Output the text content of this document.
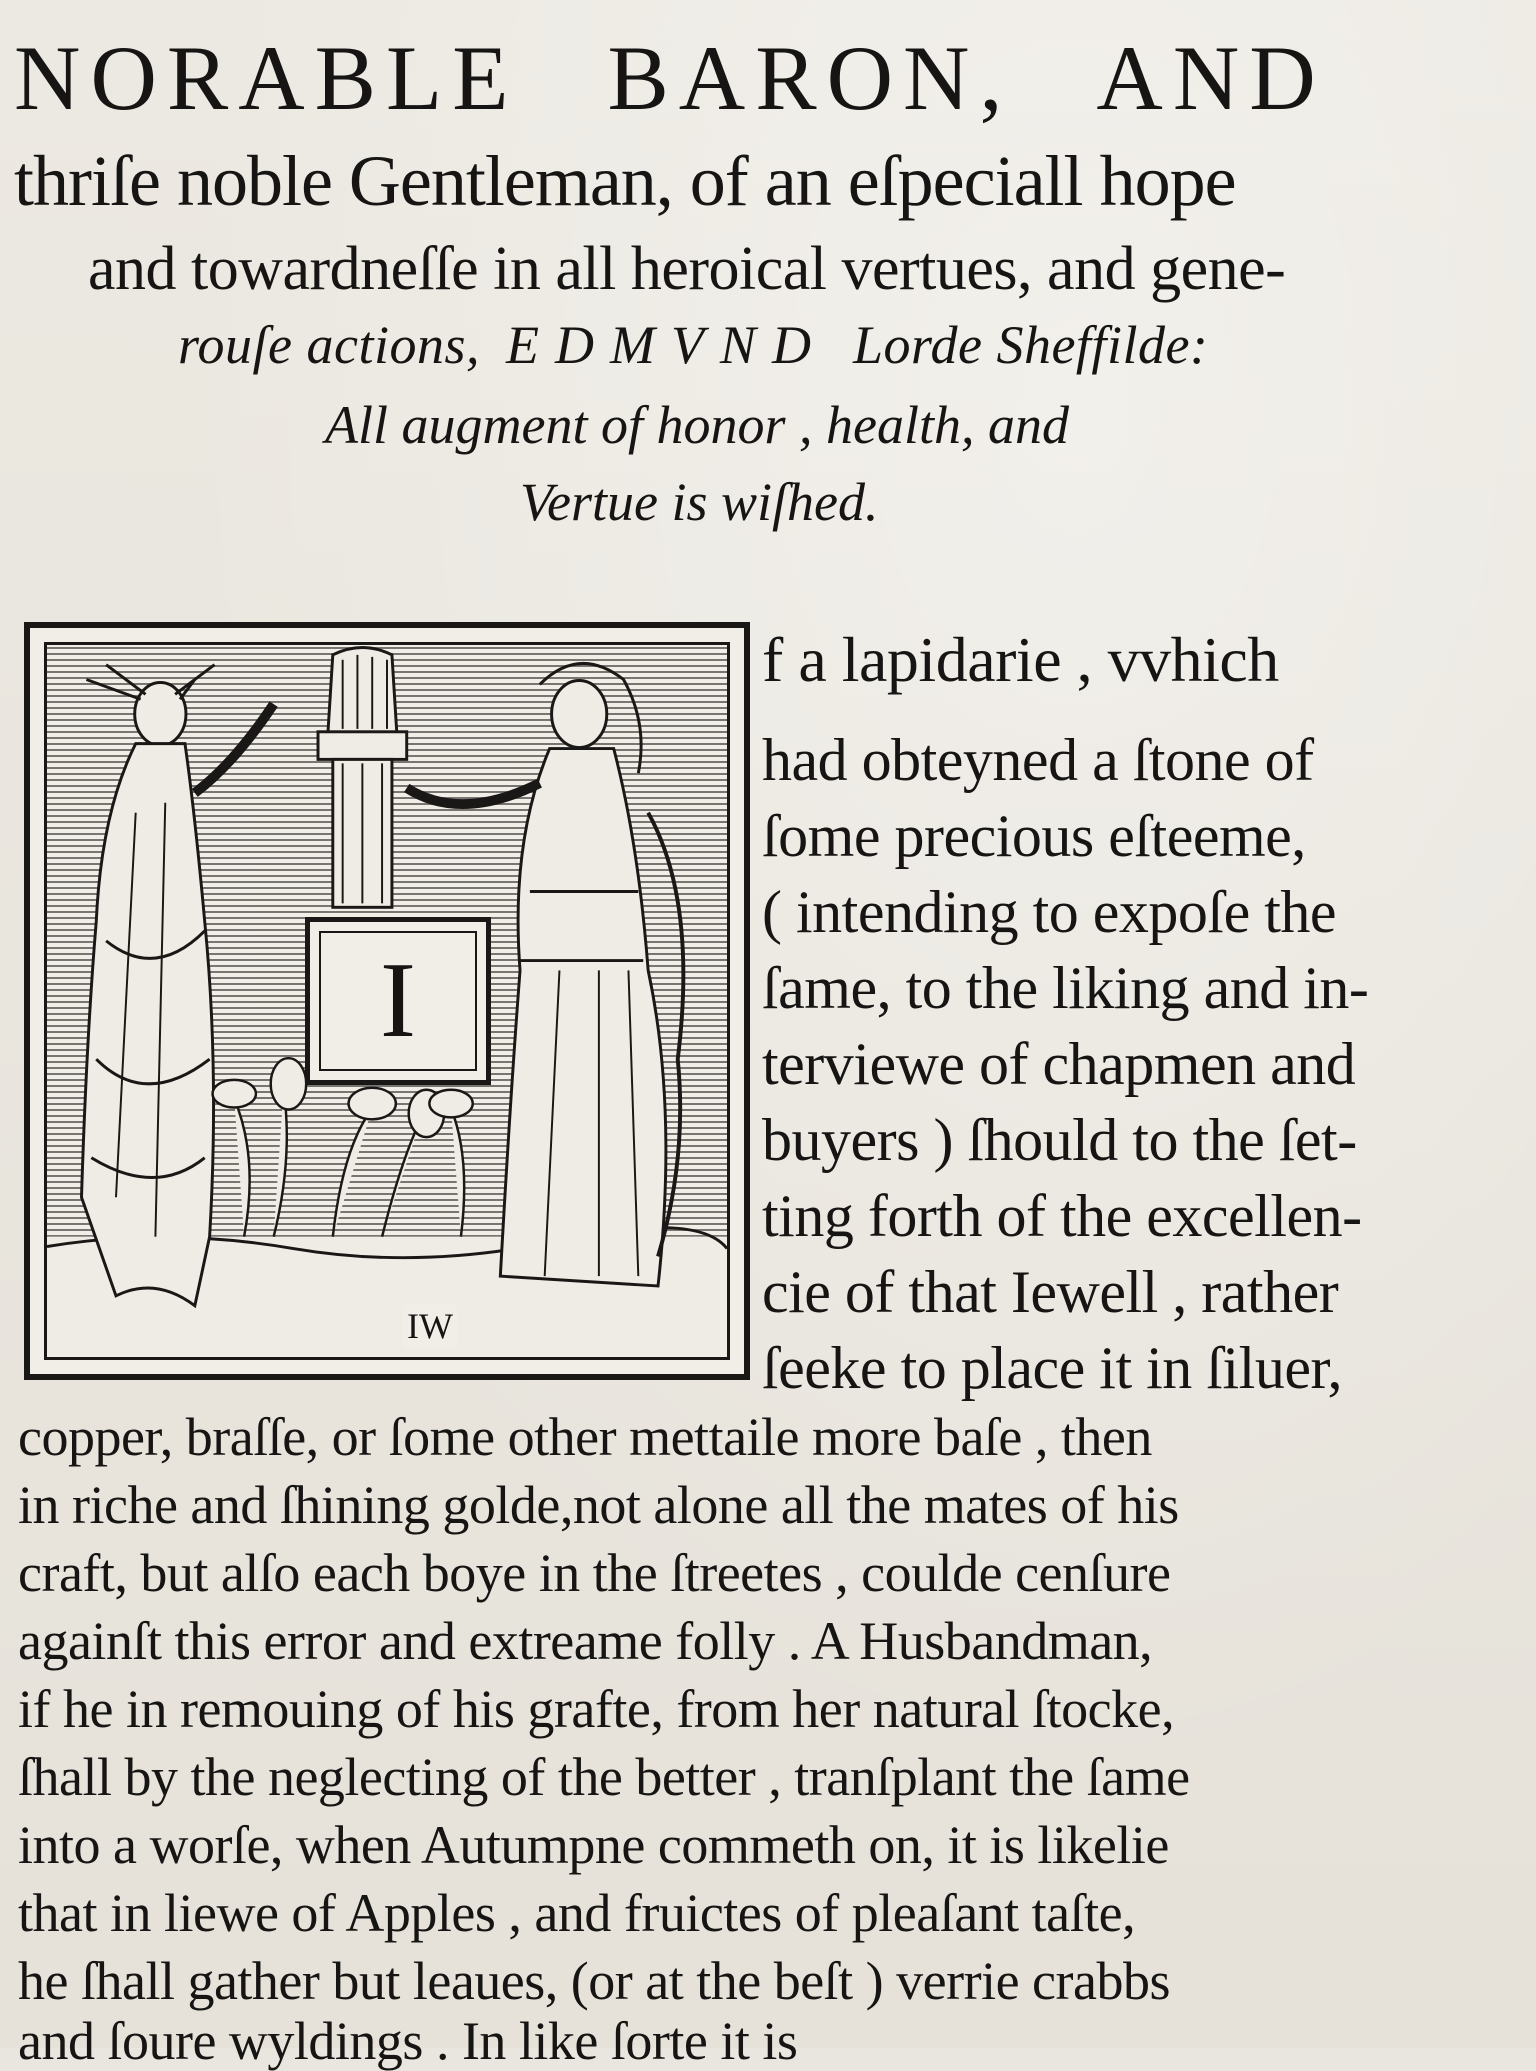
NORABLE BARON, AND
thriſe noble Gentleman, of an eſpeciall hope
and towardneſſe in all heroical vertues, and gene-
rouſe actions, EDMVND Lorde Sheffilde:
All augment of honor , health, and
Vertue is wiſhed.
I
IW
f a lapidarie , vvhich
had obteyned a ſtone of
ſome precious eſteeme,
( intending to expoſe the
ſame, to the liking and in-
terviewe of chapmen and
buyers ) ſhould to the ſet-
ting forth of the excellen-
cie of that Iewell , rather
ſeeke to place it in ſiluer,
copper, braſſe, or ſome other mettaile more baſe , then
in riche and ſhining golde,not alone all the mates of his
craft, but alſo each boye in the ſtreetes , coulde cenſure
againſt this error and extreame folly . A Husbandman,
if he in remouing of his grafte, from her natural ſtocke,
ſhall by the neglecting of the better , tranſplant the ſame
into a worſe, when Autumpne commeth on, it is likelie
that in liewe of Apples , and fruictes of pleaſant taſte,
he ſhall gather but leaues, (or at the beſt ) verrie crabbs
and ſoure wyldings . In like ſorte it is
